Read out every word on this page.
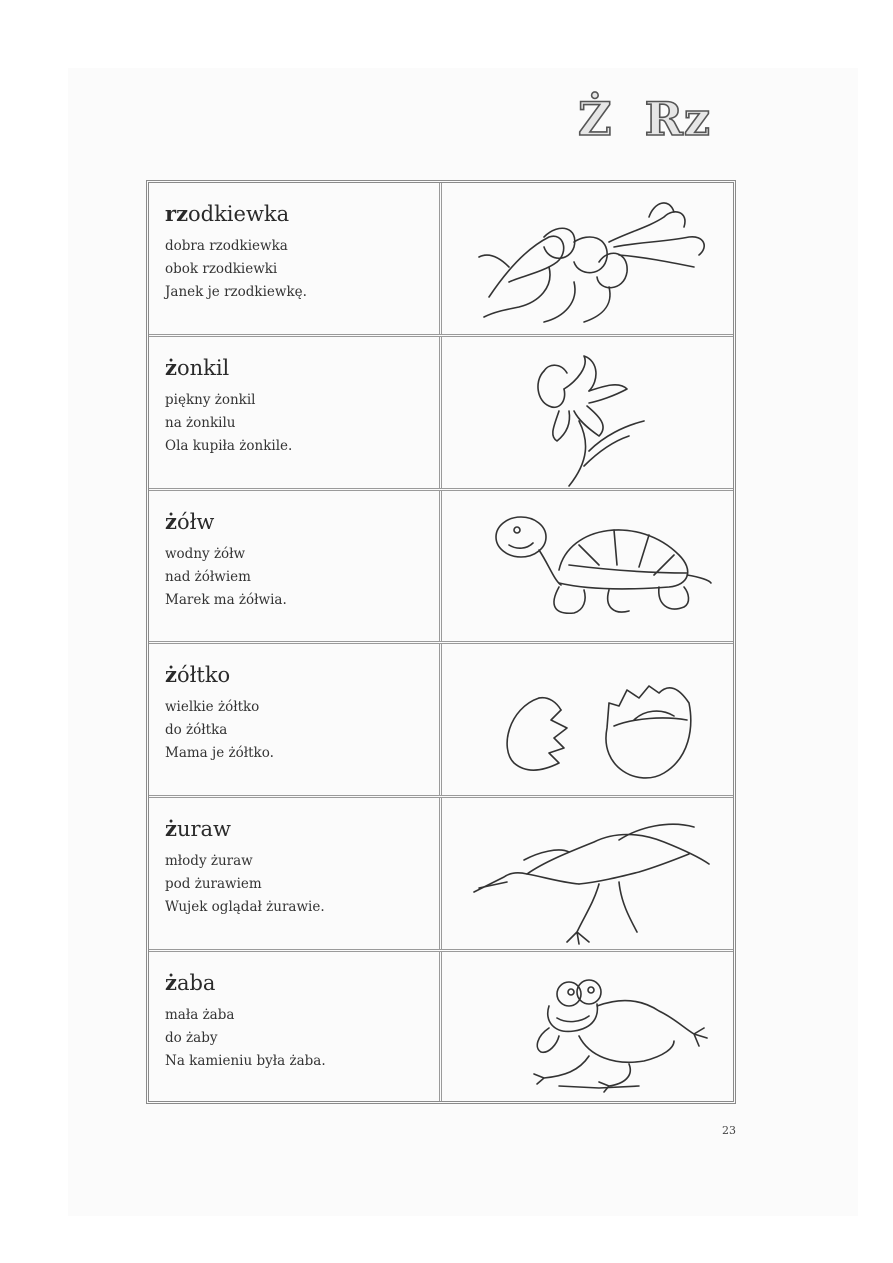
Ż Rz
rzodkiewka
dobra rzodkiewka
obok rzodkiewki
Janek je rzodkiewkę.
żonkil
piękny żonkil
na żonkilu
Ola kupiła żonkile.
żółw
wodny żółw
nad żółwiem
Marek ma żółwia.
żółtko
wielkie żółtko
do żółtka
Mama je żółtko.
żuraw
młody żuraw
pod żurawiem
Wujek oglądał żurawie.
żaba
mała żaba
do żaby
Na kamieniu była żaba.
23
